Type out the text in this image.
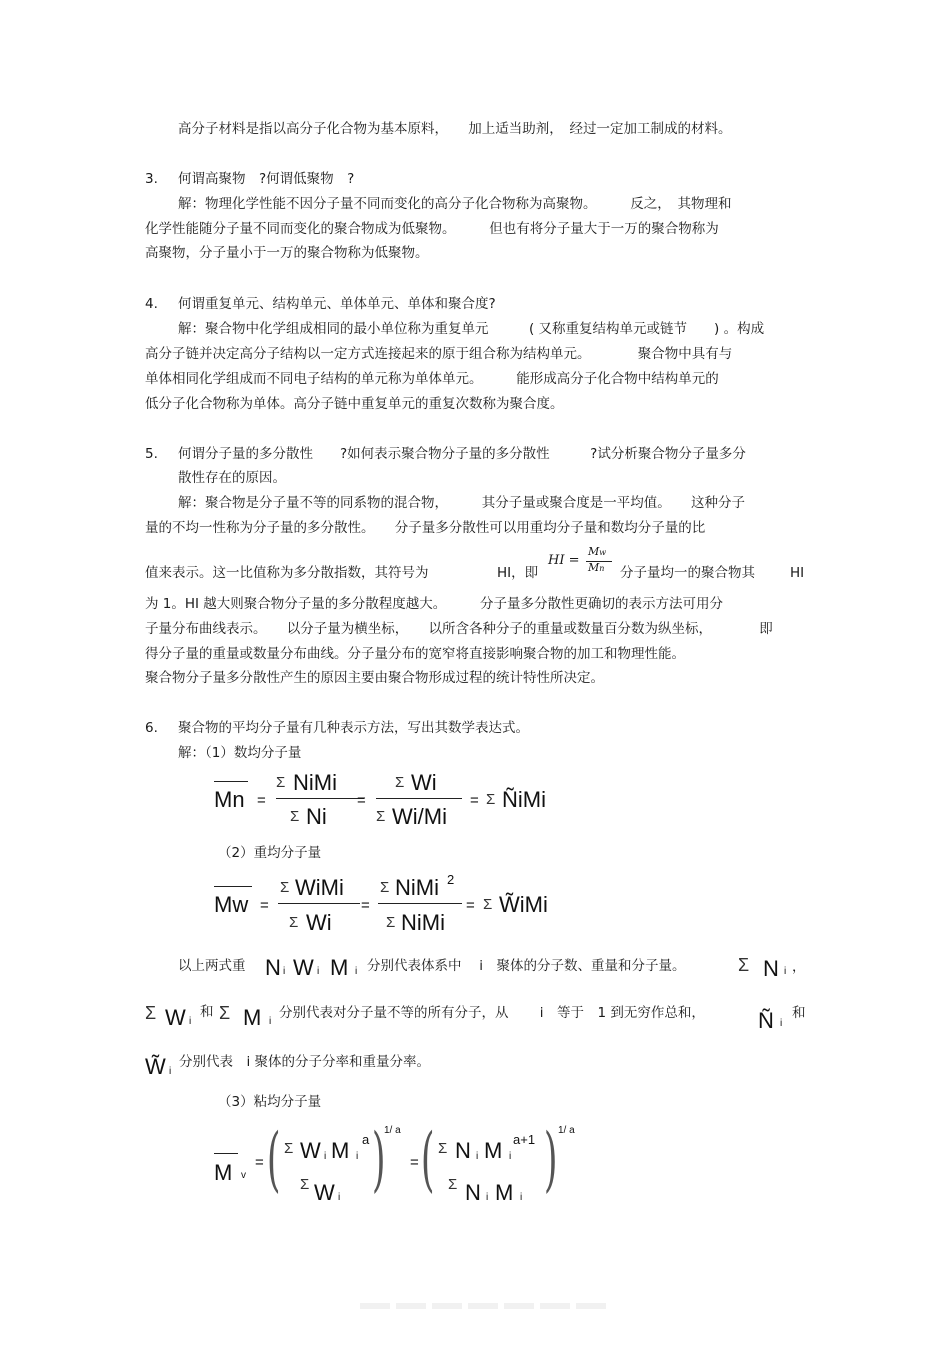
高分子材料是指以高分子化合物为基本原料，　　加上适当助剂，　经过一定加工制成的材料。
3. 何谓高聚物　?何谓低聚物　?
解：物理化学性能不因分子量不同而变化的高分子化合物称为高聚物。　　　反之，　其物理和
化学性能随分子量不同而变化的聚合物成为低聚物。　　　但也有将分子量大于一万的聚合物称为
高聚物，分子量小于一万的聚合物称为低聚物。
4. 何谓重复单元、结构单元、单体单元、单体和聚合度?
解：聚合物中化学组成相同的最小单位称为重复单元　　　( 又称重复结构单元或链节　　) 。构成
高分子链并决定高分子结构以一定方式连接起来的原于组合称为结构单元。　　　　聚合物中具有与
单体相同化学组成而不同电子结构的单元称为单体单元。　　　能形成高分子化合物中结构单元的
低分子化合物称为单体。高分子链中重复单元的重复次数称为聚合度。
5. 何谓分子量的多分散性　　?如何表示聚合物分子量的多分散性　　　?试分析聚合物分子量多分
散性存在的原因。
解：聚合物是分子量不等的同系物的混合物，　　　其分子量或聚合度是一平均值。　　这种分子
量的不均一性称为分子量的多分散性。　　分子量多分散性可以用重均分子量和数均分子量的比
值来表示。这一比值称为多分散指数，其符号为	HI，即
HI =
Mw
Mn 分子量均一的聚合物其	HI
为 1。HI 越大则聚合物分子量的多分散程度越大。　　　分子量多分散性更确切的表示方法可用分
子量分布曲线表示。　　以分子量为横坐标，　　以所含各种分子的重量或数量百分数为纵坐标，　　　　即
得分子量的重量或数量分布曲线。分子量分布的宽窄将直接影响聚合物的加工和物理性能。
聚合物分子量多分散性产生的原因主要由聚合物形成过程的统计特性所决定。
6. 聚合物的平均分子量有几种表示方法，写出其数学表达式。
解：（1）数均分子量
Mn =
Σ NiMi
Σ Ni
=
Σ Wi
Σ Wi/Mi
= Σ ÑiMi
（2）重均分子量
Mw =
Σ WiMi
Σ Wi
=
Σ NiMi 2
Σ NiMi
= Σ W̃iMi
以上两式重 N i W i M i 分别代表体系中　 i　聚体的分子数、重量和分子量。	Σ N i ，
Σ W i
和 Σ M i
分别代表对分子量不等的所有分子，从　　 i　等于　1 到无穷作总和， Ñ i
和
W̃ i
分别代表　i 聚体的分子分率和重量分率。
（3）粘均分子量
M v
= ( Σ W i M i
a
Σ W i )
1/ a
= ( Σ N i M i
a+1
Σ N i M i ) 1/ a
